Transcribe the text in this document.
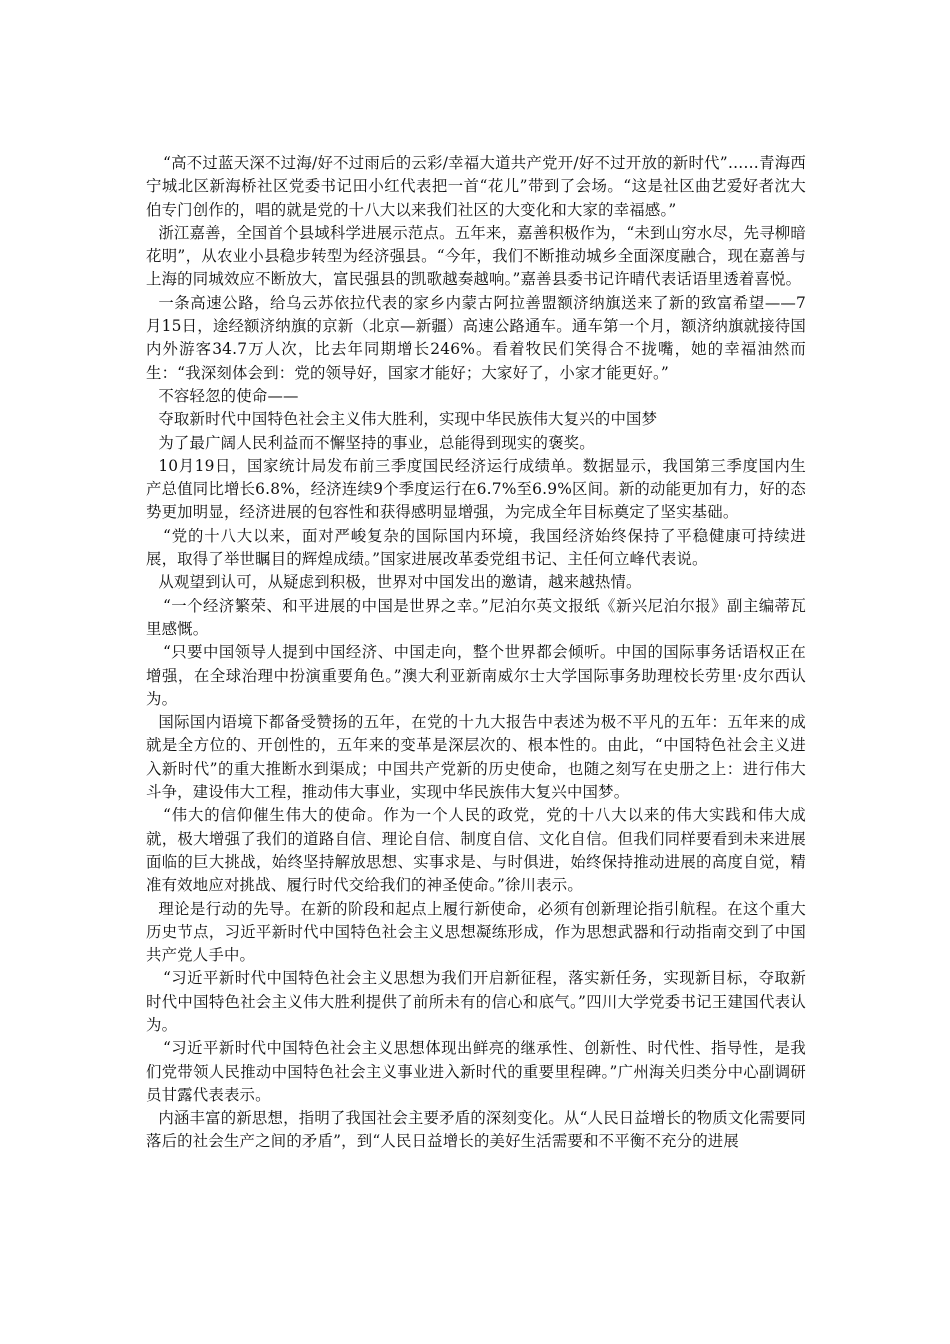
“高不过蓝天深不过海/好不过雨后的云彩/幸福大道共产党开/好不过开放的新时代”……青海西宁城北区新海桥社区党委书记田小红代表把一首“花儿”带到了会场。“这是社区曲艺爱好者沈大伯专门创作的，唱的就是党的十八大以来我们社区的大变化和大家的幸福感。”

浙江嘉善，全国首个县域科学进展示范点。五年来，嘉善积极作为，“未到山穷水尽，先寻柳暗花明”，从农业小县稳步转型为经济强县。“今年，我们不断推动城乡全面深度融合，现在嘉善与上海的同城效应不断放大，富民强县的凯歌越奏越响。”嘉善县委书记许晴代表话语里透着喜悦。

一条高速公路，给乌云苏依拉代表的家乡内蒙古阿拉善盟额济纳旗送来了新的致富希望——7月15日，途经额济纳旗的京新（北京—新疆）高速公路通车。通车第一个月，额济纳旗就接待国内外游客34.7万人次，比去年同期增长246%。看着牧民们笑得合不拢嘴，她的幸福油然而生：“我深刻体会到：党的领导好，国家才能好；大家好了，小家才能更好。”

不容轻忽的使命——

夺取新时代中国特色社会主义伟大胜利，实现中华民族伟大复兴的中国梦

为了最广阔人民利益而不懈坚持的事业，总能得到现实的褒奖。

10月19日，国家统计局发布前三季度国民经济运行成绩单。数据显示，我国第三季度国内生产总值同比增长6.8%，经济连续9个季度运行在6.7%至6.9%区间。新的动能更加有力，好的态势更加明显，经济进展的包容性和获得感明显增强，为完成全年目标奠定了坚实基础。

“党的十八大以来，面对严峻复杂的国际国内环境，我国经济始终保持了平稳健康可持续进展，取得了举世瞩目的辉煌成绩。”国家进展改革委党组书记、主任何立峰代表说。

从观望到认可，从疑虑到积极，世界对中国发出的邀请，越来越热情。

“一个经济繁荣、和平进展的中国是世界之幸。”尼泊尔英文报纸《新兴尼泊尔报》副主编蒂瓦里感慨。

“只要中国领导人提到中国经济、中国走向，整个世界都会倾听。中国的国际事务话语权正在增强，在全球治理中扮演重要角色。”澳大利亚新南威尔士大学国际事务助理校长劳里·皮尔西认为。

国际国内语境下都备受赞扬的五年，在党的十九大报告中表述为极不平凡的五年：五年来的成就是全方位的、开创性的，五年来的变革是深层次的、根本性的。由此，“中国特色社会主义进入新时代”的重大推断水到渠成；中国共产党新的历史使命，也随之刻写在史册之上：进行伟大斗争，建设伟大工程，推动伟大事业，实现中华民族伟大复兴中国梦。

“伟大的信仰催生伟大的使命。作为一个人民的政党，党的十八大以来的伟大实践和伟大成就，极大增强了我们的道路自信、理论自信、制度自信、文化自信。但我们同样要看到未来进展面临的巨大挑战，始终坚持解放思想、实事求是、与时俱进，始终保持推动进展的高度自觉，精准有效地应对挑战、履行时代交给我们的神圣使命。”徐川表示。

理论是行动的先导。在新的阶段和起点上履行新使命，必须有创新理论指引航程。在这个重大历史节点，习近平新时代中国特色社会主义思想凝练形成，作为思想武器和行动指南交到了中国共产党人手中。

“习近平新时代中国特色社会主义思想为我们开启新征程，落实新任务，实现新目标，夺取新时代中国特色社会主义伟大胜利提供了前所未有的信心和底气。”四川大学党委书记王建国代表认为。

“习近平新时代中国特色社会主义思想体现出鲜亮的继承性、创新性、时代性、指导性，是我们党带领人民推动中国特色社会主义事业进入新时代的重要里程碑。”广州海关归类分中心副调研员甘露代表表示。

内涵丰富的新思想，指明了我国社会主要矛盾的深刻变化。从“人民日益增长的物质文化需要同落后的社会生产之间的矛盾”，到“人民日益增长的美好生活需要和不平衡不充分的进展
